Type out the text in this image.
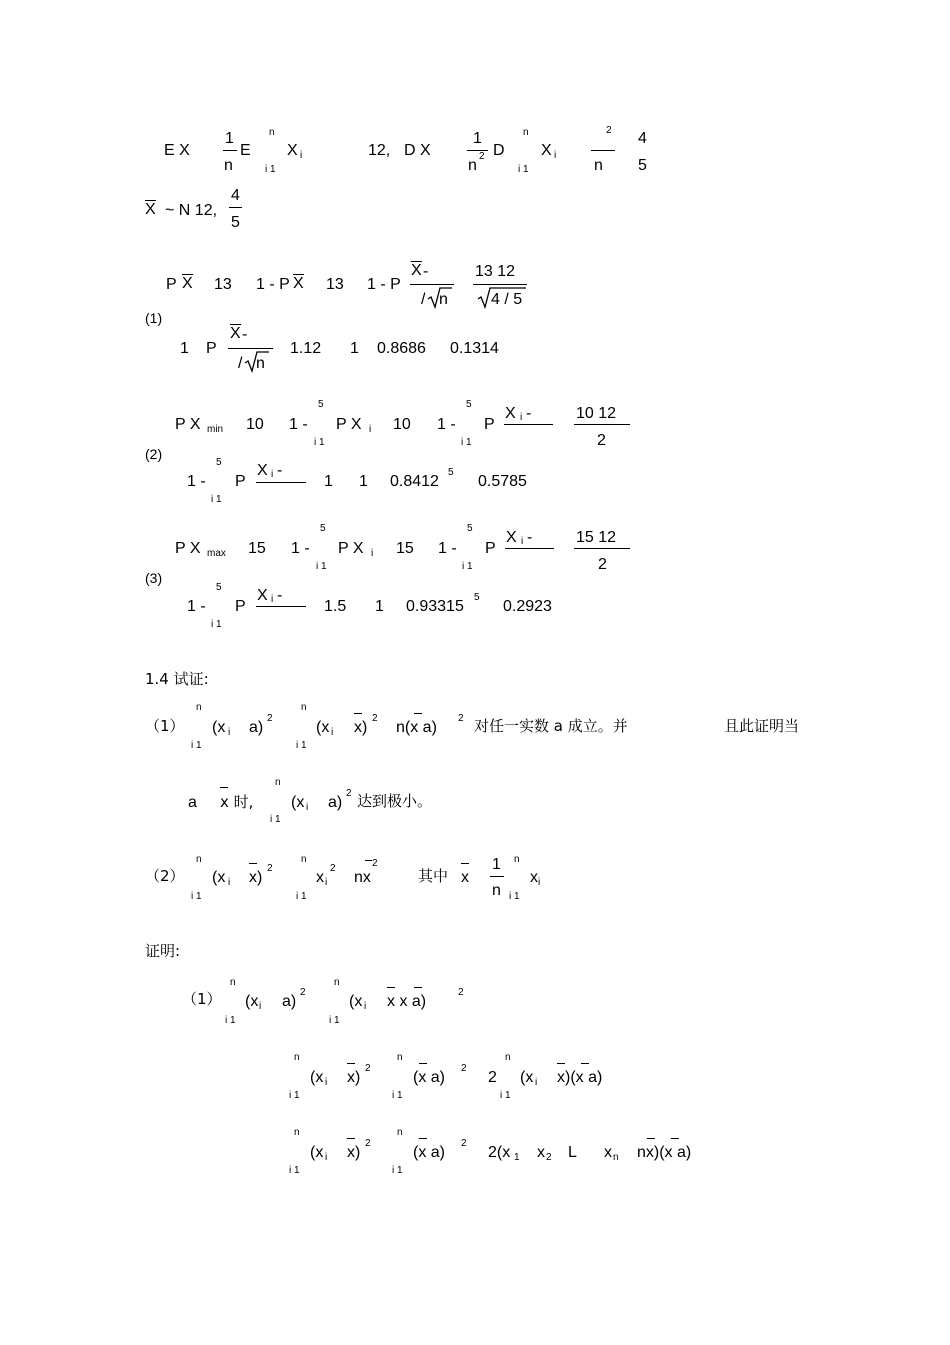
E X
1
n
E
n
i 1
X i	12, D X
1
n
2 D
n
i 1
X i
2
n
4
5
X ~ N 12,
4
5
(1)
P X 13 1 - P X 13 1 - P
X -
/ n
13 12
4 / 5
1 P
X -
/ n
1.12 1 0.8686 0.1314
(2)
P X min 10 1 -
5
i 1
P X i 10 1 -
5
i 1
P
X i -	10 12
2
1 -
5
i 1
P
X i -
1 1 0.8412
5
0.5785
(3)
P X max 15 1 -
5
i 1
P X i 15 1 -
5
i 1
P
X i -	15 12
2
1 -
5
i 1
P
X i -
1.5 1 0.93315
5
0.2923
1.4 试证:
（1）
n
i 1
(x i a)
2
n
i 1
(x i x)
2
n(x a)
2 对任一实数 a 成立。并	且此证明当
a x 时,
n
i 1
(x i a)
2 达到极小。
（2）
n
i 1
(x i x)
2
n
i 1
x i
2
nx
2
其中 x
1
n
n
i 1
x i
证明:
（1）
n
i 1
(x i a)
2
n
i 1
(x i x x a)
2
n
i 1
(x i x)
2
n
i 1
(x a)
2
2
n
i 1
(x i x)(x a)
n
i 1
(x i x)
2
n
i 1
(x a)
2
2(x 1 x 2 L x n nx)(x a)
